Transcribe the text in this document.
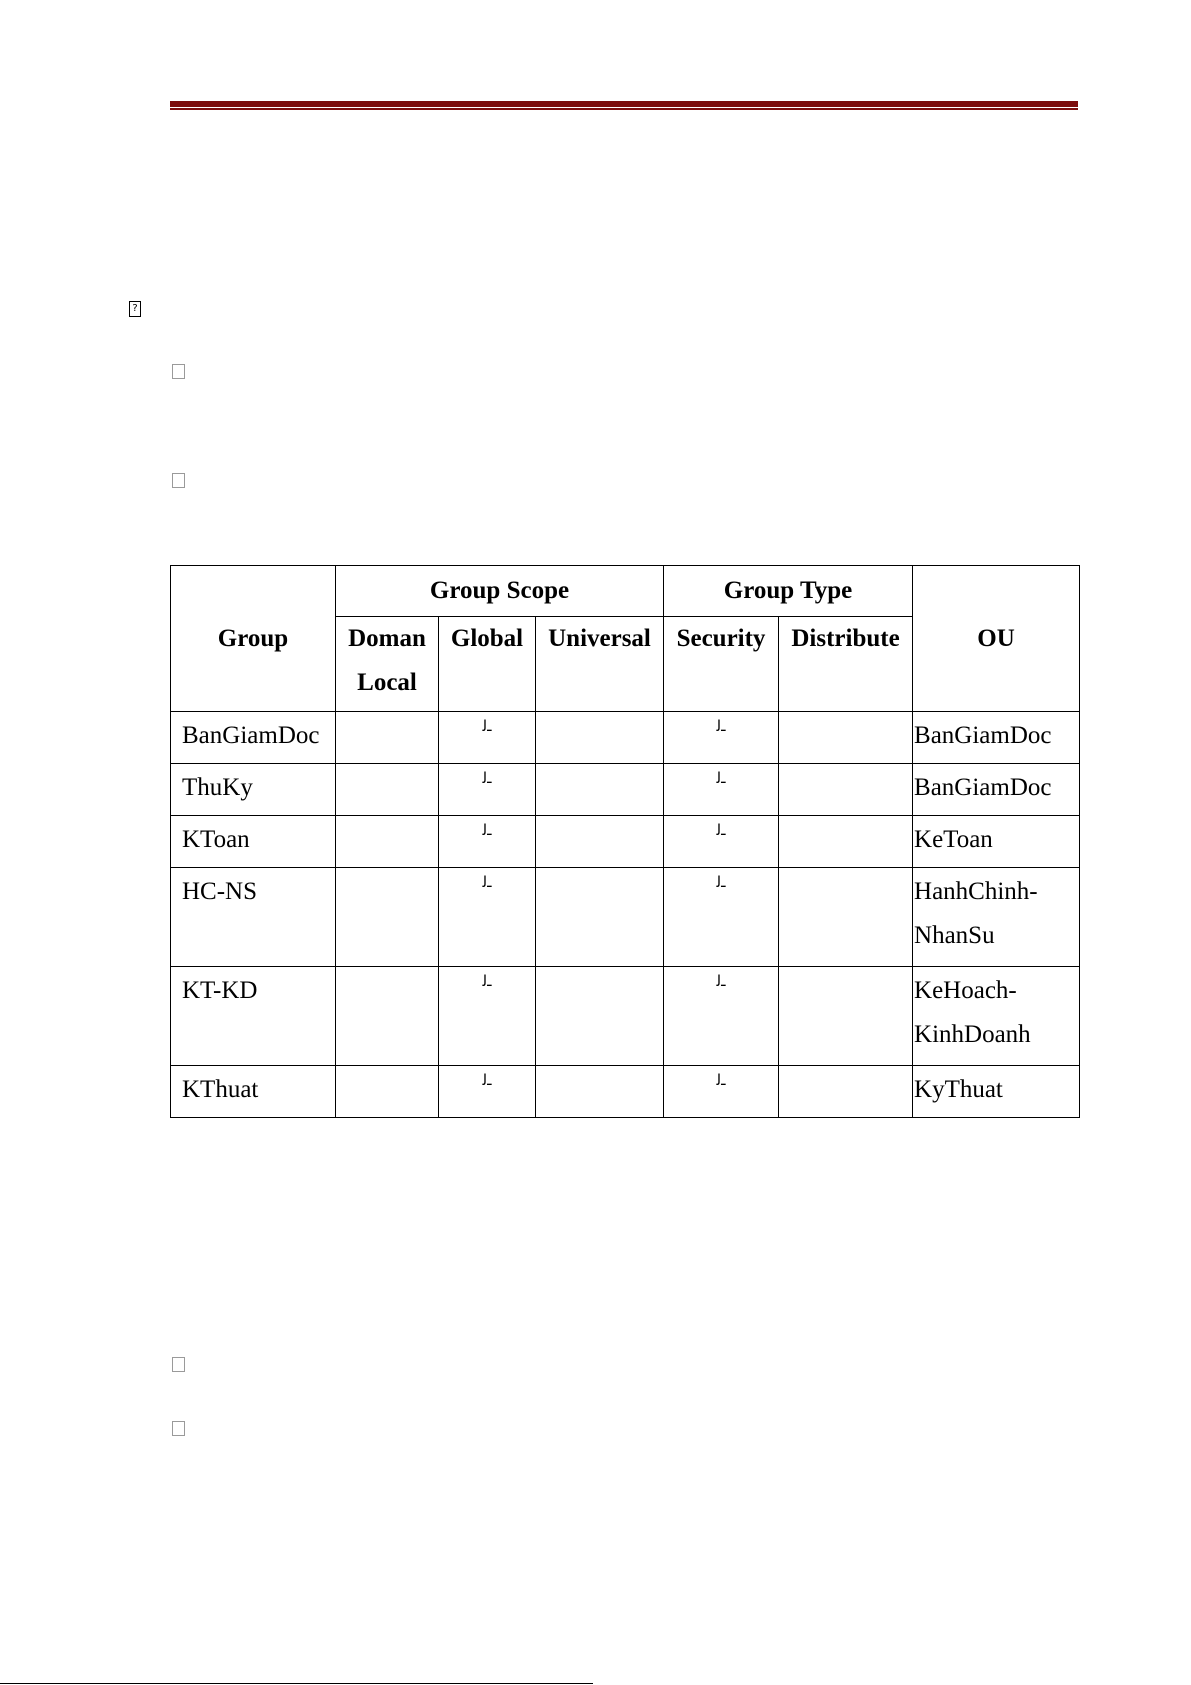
?
Group	Group Scope			Group Type		OU
	Doman Local	Global	Universal	Security	Distribute	
BanGiamDoc		ـﻟ		ـﻟ		BanGiamDoc
ThuKy		ـﻟ		ـﻟ		BanGiamDoc
KToan		ـﻟ		ـﻟ		KeToan
HC-NS		ـﻟ		ـﻟ		HanhChinh-NhanSu
KT-KD		ـﻟ		ـﻟ		KeHoach-KinhDoanh
KThuat		ـﻟ		ـﻟ		KyThuat
